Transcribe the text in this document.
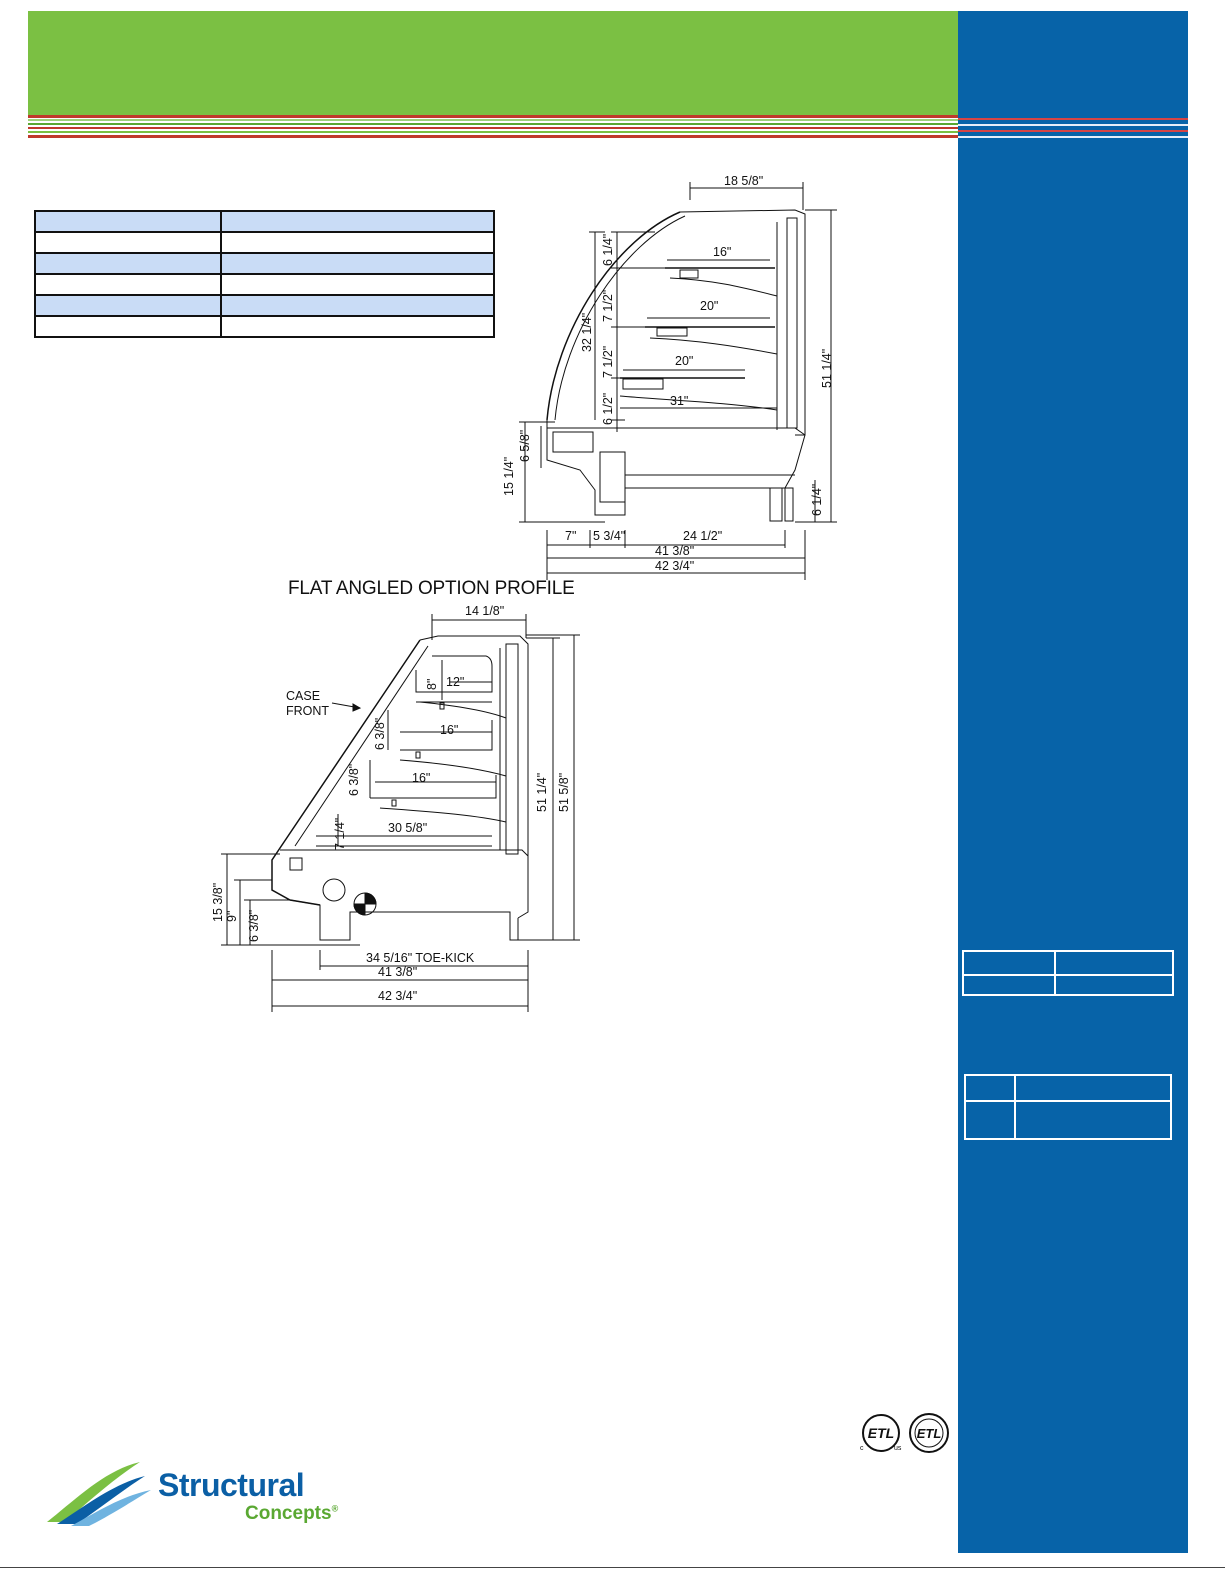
18 5/8"
16"
20"
20"
31"
7" 5 3/4"	24 1/2"
41 3/8"
42 3/4"
6 1/4"
7 1/2"
7 1/2"
6 1/2"
32 1/4"
6 5/8"
15 1/4"
51 1/4"
6 1/4"
FLAT ANGLED OPTION PROFILE
14 1/8"
12"
16"
16"
30 5/8"
CASE
FRONT
34 5/16" TOE-KICK
41 3/8"
42 3/4"
8"
6 3/8"
6 3/8"
7 1/4"
51 1/4" 51 5/8"
15 3/8" 9" 6 3/8"
ETL
c	us
ETL
Structural
Concepts®
